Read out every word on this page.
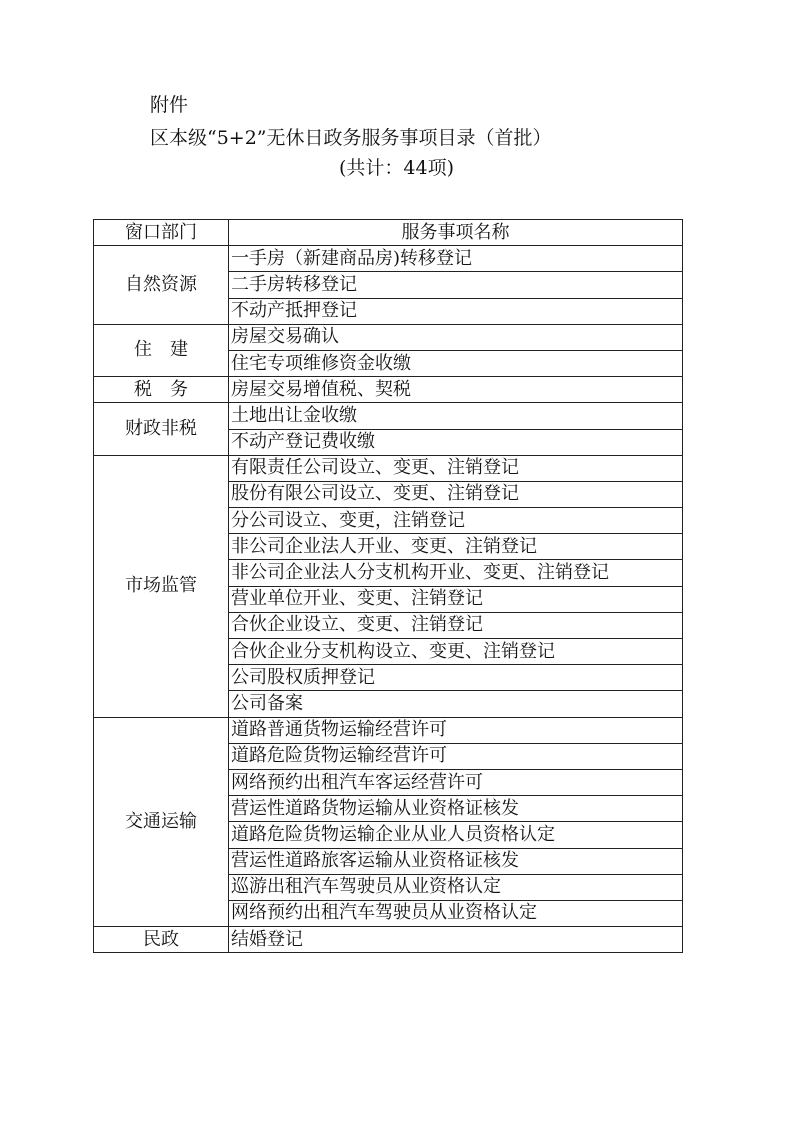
附件
区本级“5+2”无休日政务服务事项目录（首批）
(共计：44项)
窗口部门	服务事项名称
自然资源	一手房（新建商品房)转移登记
	二手房转移登记
	不动产抵押登记
住　建	房屋交易确认
	住宅专项维修资金收缴
税　务	房屋交易增值税、契税
财政非税	土地出让金收缴
	不动产登记费收缴
市场监管	有限责任公司设立、变更、注销登记
	股份有限公司设立、变更、注销登记
	分公司设立、变更，注销登记
	非公司企业法人开业、变更、注销登记
	非公司企业法人分支机构开业、变更、注销登记
	营业单位开业、变更、注销登记
	合伙企业设立、变更、注销登记
	合伙企业分支机构设立、变更、注销登记
	公司股权质押登记
	公司备案
交通运输	道路普通货物运输经营许可
	道路危险货物运输经营许可
	网络预约出租汽车客运经营许可
	营运性道路货物运输从业资格证核发
	道路危险货物运输企业从业人员资格认定
	营运性道路旅客运输从业资格证核发
	巡游出租汽车驾驶员从业资格认定
	网络预约出租汽车驾驶员从业资格认定
民政	结婚登记
